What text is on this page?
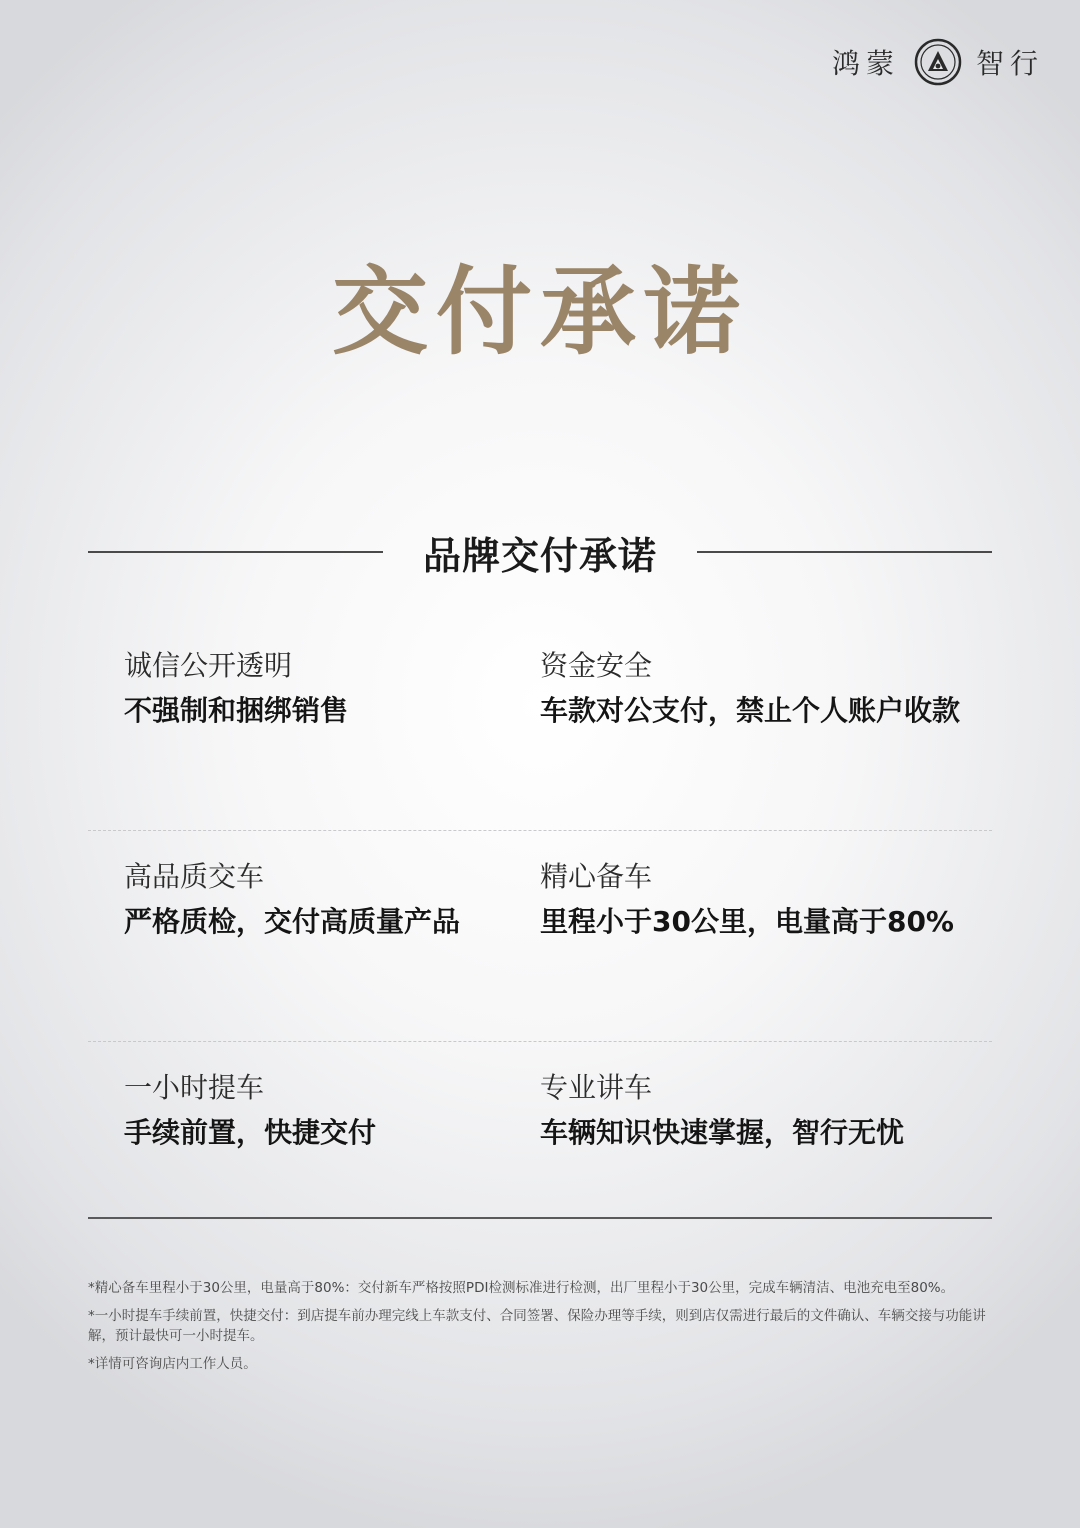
鸿蒙	智行
交付承诺
品牌交付承诺
诚信公开透明
不强制和捆绑销售
资金安全
车款对公支付，禁止个人账户收款
高品质交车
严格质检，交付高质量产品
精心备车
里程小于30公里，电量高于80%
一小时提车
手续前置，快捷交付
专业讲车
车辆知识快速掌握，智行无忧

*精心备车里程小于30公里，电量高于80%：交付新车严格按照PDI检测标准进行检测，出厂里程小于30公里，完成车辆清洁、电池充电至80%。

*一小时提车手续前置，快捷交付：到店提车前办理完线上车款支付、合同签署、保险办理等手续，则到店仅需进行最后的文件确认、车辆交接与功能讲解，预计最快可一小时提车。

*详情可咨询店内工作人员。
